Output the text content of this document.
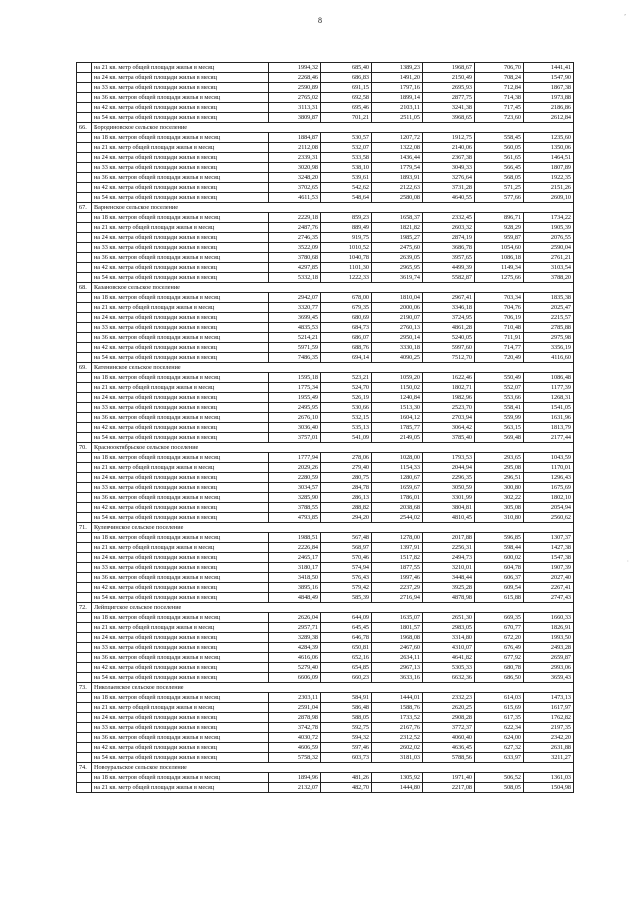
8	’
·
	на 21 кв. метр общей площади жилья в месяц	1994,32	685,40	1389,23	1968,67	706,70	1441,41
	на 24 кв. метра общей площади жилья в месяц	2268,46	686,83	1491,20	2150,49	708,24	1547,90
	на 33 кв. метра общей площади жилья в месяц	2590,89	691,15	1797,16	2695,93	712,84	1867,38
	на 36 кв. метров общей площади жилья в месяц	2765,02	692,58	1899,14	2877,75	714,38	1973,88
	на 42 кв. метра общей площади жилья в месяц	3113,31	695,46	2103,11	3241,38	717,45	2186,86
	на 54 кв. метра общей площади жилья в месяц	3809,87	701,21	2511,05	3968,65	723,60	2612,84
66.	Бородиновское сельское поселение						
	на 18 кв. метров общей площади жилья в месяц	1884,87	530,57	1207,72	1912,75	558,45	1235,60
	на 21 кв. метр общей площади жилья в месяц	2112,08	532,07	1322,08	2140,06	560,05	1350,06
	на 24 кв. метра общей площади жилья в месяц	2339,31	533,58	1436,44	2367,38	561,65	1464,51
	на 33 кв. метра общей площади жилья в месяц	3020,98	538,10	1779,54	3049,33	566,45	1807,89
	на 36 кв. метров общей площади жилья в месяц	3248,20	539,61	1893,91	3276,64	568,05	1922,35
	на 42 кв. метра общей площади жилья в месяц	3702,65	542,62	2122,63	3731,28	571,25	2151,26
	на 54 кв. метра общей площади жилья в месяц	4611,53	548,64	2580,08	4640,55	577,66	2609,10
67.	Варненское сельское поселение						
	на 18 кв. метров общей площади жилья в месяц	2229,18	859,23	1658,37	2332,45	896,71	1734,22
	на 21 кв. метр общей площади жилья в месяц	2487,76	889,49	1821,82	2603,32	928,29	1905,39
	на 24 кв. метра общей площади жилья в месяц	2746,35	919,75	1985,27	2874,19	959,87	2076,55
	на 33 кв. метра общей площади жилья в месяц	3522,09	1010,52	2475,60	3686,78	1054,60	2590,04
	на 36 кв. метров общей площади жилья в месяц	3780,68	1040,78	2639,05	3957,65	1086,18	2761,21
	на 42 кв. метра общей площади жилья в месяц	4297,85	1101,30	2965,95	4499,39	1149,34	3103,54
	на 54 кв. метра общей площади жилья в месяц	5332,18	1222,33	3619,74	5582,87	1275,66	3788,20
68.	Казановское сельское поселение						
	на 18 кв. метров общей площади жилья в месяц	2942,07	678,00	1810,04	2967,41	703,34	1835,38
	на 21 кв. метр общей площади жилья в месяц	3320,77	679,35	2000,06	3346,18	704,76	2025,47
	на 24 кв. метра общей площади жилья в месяц	3699,45	680,69	2190,07	3724,95	706,19	2215,57
	на 33 кв. метра общей площади жилья в месяц	4835,53	684,73	2760,13	4861,28	710,48	2785,88
	на 36 кв. метров общей площади жилья в месяц	5214,21	686,07	2950,14	5240,05	711,91	2975,98
	на 42 кв. метра общей площади жилья в месяц	5971,59	688,76	3330,18	5997,60	714,77	3356,19
	на 54 кв. метра общей площади жилья в месяц	7486,35	694,14	4090,25	7512,70	720,49	4116,60
69.	Катенинское сельское поселение						
	на 18 кв. метров общей площади жилья в месяц	1595,18	523,21	1059,20	1622,46	550,49	1086,48
	на 21 кв. метр общей площади жилья в месяц	1775,34	524,70	1150,02	1802,71	552,07	1177,39
	на 24 кв. метра общей площади жилья в месяц	1955,49	526,19	1240,84	1982,96	553,66	1268,31
	на 33 кв. метра общей площади жилья в месяц	2495,95	530,66	1513,30	2523,70	558,41	1541,05
	на 36 кв. метров общей площади жилья в месяц	2676,10	532,15	1604,12	2703,94	559,99	1631,96
	на 42 кв. метра общей площади жилья в месяц	3036,40	535,13	1785,77	3064,42	563,15	1813,79
	на 54 кв. метра общей площади жилья в месяц	3757,01	541,09	2149,05	3785,40	569,48	2177,44
70.	Краснооктябрьское сельское поселение						
	на 18 кв. метров общей площади жилья в месяц	1777,94	278,06	1028,00	1793,53	293,65	1043,59
	на 21 кв. метр общей площади жилья в месяц	2029,26	279,40	1154,33	2044,94	295,08	1170,01
	на 24 кв. метра общей площади жилья в месяц	2280,59	280,75	1280,67	2296,35	296,51	1296,43
	на 33 кв. метра общей площади жилья в месяц	3034,57	284,78	1659,67	3050,59	300,80	1675,69
	на 36 кв. метров общей площади жилья в месяц	3285,90	286,13	1786,01	3301,99	302,22	1802,10
	на 42 кв. метра общей площади жилья в месяц	3788,55	288,82	2038,68	3804,81	305,08	2054,94
	на 54 кв. метра общей площади жилья в месяц	4793,85	294,20	2544,02	4810,45	310,80	2560,62
71.	Кулевчинское сельское поселение						
	на 18 кв. метров общей площади жилья в месяц	1988,51	567,48	1278,00	2017,88	596,85	1307,37
	на 21 кв. метр общей площади жилья в месяц	2226,84	568,97	1397,91	2256,31	598,44	1427,38
	на 24 кв. метра общей площади жилья в месяц	2465,17	570,46	1517,82	2494,73	600,02	1547,38
	на 33 кв. метра общей площади жилья в месяц	3180,17	574,94	1877,55	3210,01	604,78	1907,39
	на 36 кв. метров общей площади жилья в месяц	3418,50	576,43	1997,46	3448,44	606,37	2027,40
	на 42 кв. метра общей площади жилья в месяц	3895,16	579,42	2237,29	3925,28	609,54	2267,41
	на 54 кв. метра общей площади жилья в месяц	4848,49	585,39	2716,94	4878,98	615,88	2747,43
72.	Лейпцигское сельское поселение						
	на 18 кв. метров общей площади жилья в месяц	2626,04	644,09	1635,07	2651,30	669,35	1660,33
	на 21 кв. метр общей площади жилья в месяц	2957,71	645,45	1801,57	2983,05	670,77	1826,91
	на 24 кв. метра общей площади жилья в месяц	3289,38	646,78	1968,08	3314,80	672,20	1993,50
	на 33 кв. метра общей площади жилья в месяц	4284,39	650,81	2467,60	4310,07	676,49	2493,28
	на 36 кв. метров общей площади жилья в месяц	4616,06	652,16	2634,11	4641,82	677,92	2659,87
	на 42 кв. метра общей площади жилья в месяц	5279,40	654,85	2967,13	5305,33	680,78	2993,06
	на 54 кв. метра общей площади жилья в месяц	6606,09	660,23	3633,16	6632,36	686,50	3659,43
73.	Николаевское сельское поселение						
	на 18 кв. метров общей площади жилья в месяц	2303,11	584,91	1444,01	2332,23	614,03	1473,13
	на 21 кв. метр общей площади жилья в месяц	2591,04	586,48	1588,76	2620,25	615,69	1617,97
	на 24 кв. метра общей площади жилья в месяц	2878,98	588,05	1733,52	2908,28	617,35	1762,82
	на 33 кв. метра общей площади жилья в месяц	3742,78	592,75	2167,76	3772,37	622,34	2197,35
	на 36 кв. метров общей площади жилья в месяц	4030,72	594,32	2312,52	4060,40	624,00	2342,20
	на 42 кв. метра общей площади жилья в месяц	4606,59	597,46	2602,02	4636,45	627,32	2631,88
	на 54 кв. метра общей площади жилья в месяц	5758,32	603,73	3181,03	5788,56	633,97	3211,27
74.	Новоуральское сельское поселение						
	на 18 кв. метров общей площади жилья в месяц	1894,96	481,26	1305,92	1971,40	506,52	1361,03
	на 21 кв. метр общей площади жилья в месяц	2132,07	482,70	1444,80	2217,08	508,05	1504,98
